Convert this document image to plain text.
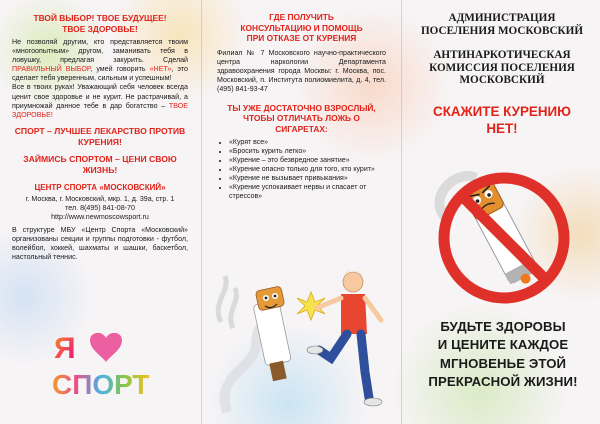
ТВОЙ ВЫБОР! ТВОЕ БУДУЩЕЕ!
ТВОЕ ЗДОРОВЬЕ!

Не позволяй другим, кто представляется твоим «многоопытным» другом, заманивать тебя в ловушку, предлагая закурить. Сделай ПРАВИЛЬНЫЙ ВЫБОР, умей говорить «НЕТ», это сделает тебя уверенным, сильным и успешным!

Все в твоих руках! Уважающий себя человек всегда ценит свое здоровье и не курит. Не растрачивай, а приумножай данное тебе в дар богатство – ТВОЕ ЗДОРОВЬЕ!

СПОРТ – ЛУЧШЕЕ ЛЕКАРСТВО ПРОТИВ
КУРЕНИЯ!
ЗАЙМИСЬ СПОРТОМ – ЦЕНИ СВОЮ
ЖИЗНЬ!
ЦЕНТР СПОРТА «МОСКОВСКИЙ»
г. Москва, г. Московский, мкр. 1, д. 39а, стр. 1
тел. 8(495) 841-08-70
http://www.newmoscowsport.ru
В структуре МБУ «Центр Спорта «Московский» организованы секции и группы подготовки - футбол, волейбол, хоккей, шахматы и шашки, баскетбол, настольный теннис.
Я
СПОРТ
ГДЕ ПОЛУЧИТЬ
КОНСУЛЬТАЦИЮ И ПОМОЩЬ
ПРИ ОТКАЗЕ ОТ КУРЕНИЯ
Филиал № 7 Московского научно-практического центра наркологии Департамента здравоохранения города Москвы: г. Москва, пос. Московский, п. Института полиомиелита, д. 4, тел. (495) 841-93-47
ТЫ УЖЕ ДОСТАТОЧНО ВЗРОСЛЫЙ,
ЧТОБЫ ОТЛИЧАТЬ ЛОЖЬ О СИГАРЕТАХ:
• «Курят все»
• «Бросить курить легко»
• «Курение – это безвредное занятие»
• «Курение опасно только для того, кто курит»
• «Курение не вызывает привыкания»
• «Курение успокаивает нервы и спасает от стрессов»
АДМИНИСТРАЦИЯ
ПОСЕЛЕНИЯ МОСКОВСКИЙ
АНТИНАРКОТИЧЕСКАЯ
КОМИССИЯ ПОСЕЛЕНИЯ
МОСКОВСКИЙ
СКАЖИТЕ КУРЕНИЮ
НЕТ!
БУДЬТЕ ЗДОРОВЫ
И ЦЕНИТЕ КАЖДОЕ
МГНОВЕНЬЕ ЭТОЙ
ПРЕКРАСНОЙ ЖИЗНИ!
